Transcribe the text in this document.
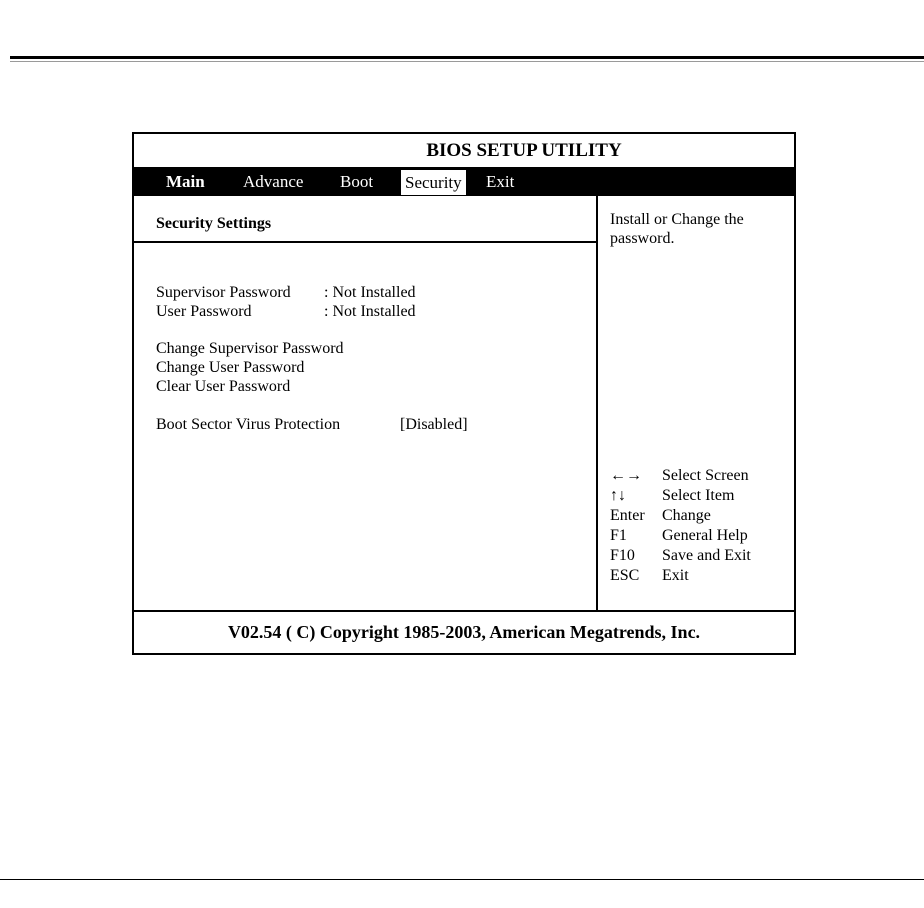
BIOS SETUP UTILITY
Main Advance Boot Security Exit
Security Settings
Supervisor Password : Not Installed
User Password	: Not Installed
Change Supervisor Password
Change User Password
Clear User Password
Boot Sector Virus Protection	[Disabled]
Install or Change the password.
←→ Select Screen
↑↓ Select Item
Enter Change
F1 General Help
F10 Save and Exit
ESC Exit
V02.54 ( C) Copyright 1985-2003, American Megatrends, Inc.
